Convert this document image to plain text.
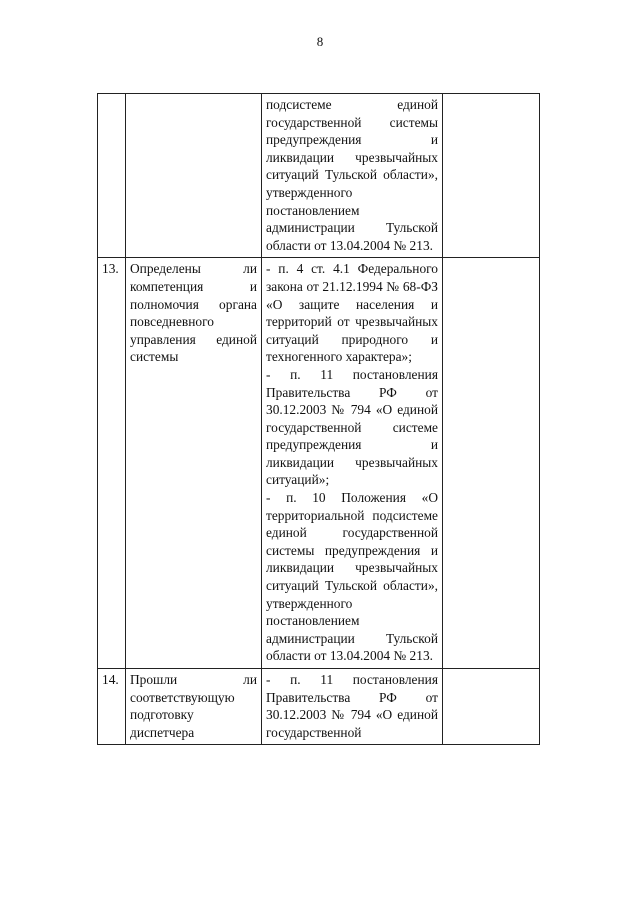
8

		подсистеме единой государственной системы предупреждения и ликвидации чрезвычайных ситуаций Тульской области», утвержденного постановлением администрации Тульской области от 13.04.2004 № 213.	

13.	Определены ли компетенция и полномочия органа повседневного управления единой системы	- п. 4 ст. 4.1 Федерального закона от 21.12.1994 № 68-ФЗ «О защите населения и территорий от чрезвычайных ситуаций природного и техногенного характера»;

- п. 11 постановления Правительства РФ от 30.12.2003 № 794 «О единой государственной системе предупреждения и ликвидации чрезвычайных ситуаций»;

- п. 10 Положения «О территориальной подсистеме единой государственной системы предупреждения и ликвидации чрезвычайных ситуаций Тульской области», утвержденного постановлением администрации Тульской области от 13.04.2004 № 213.	

14.	Прошли ли соответствующую подготовку диспетчера	- п. 11 постановления Правительства РФ от 30.12.2003 № 794 «О единой государственной	
